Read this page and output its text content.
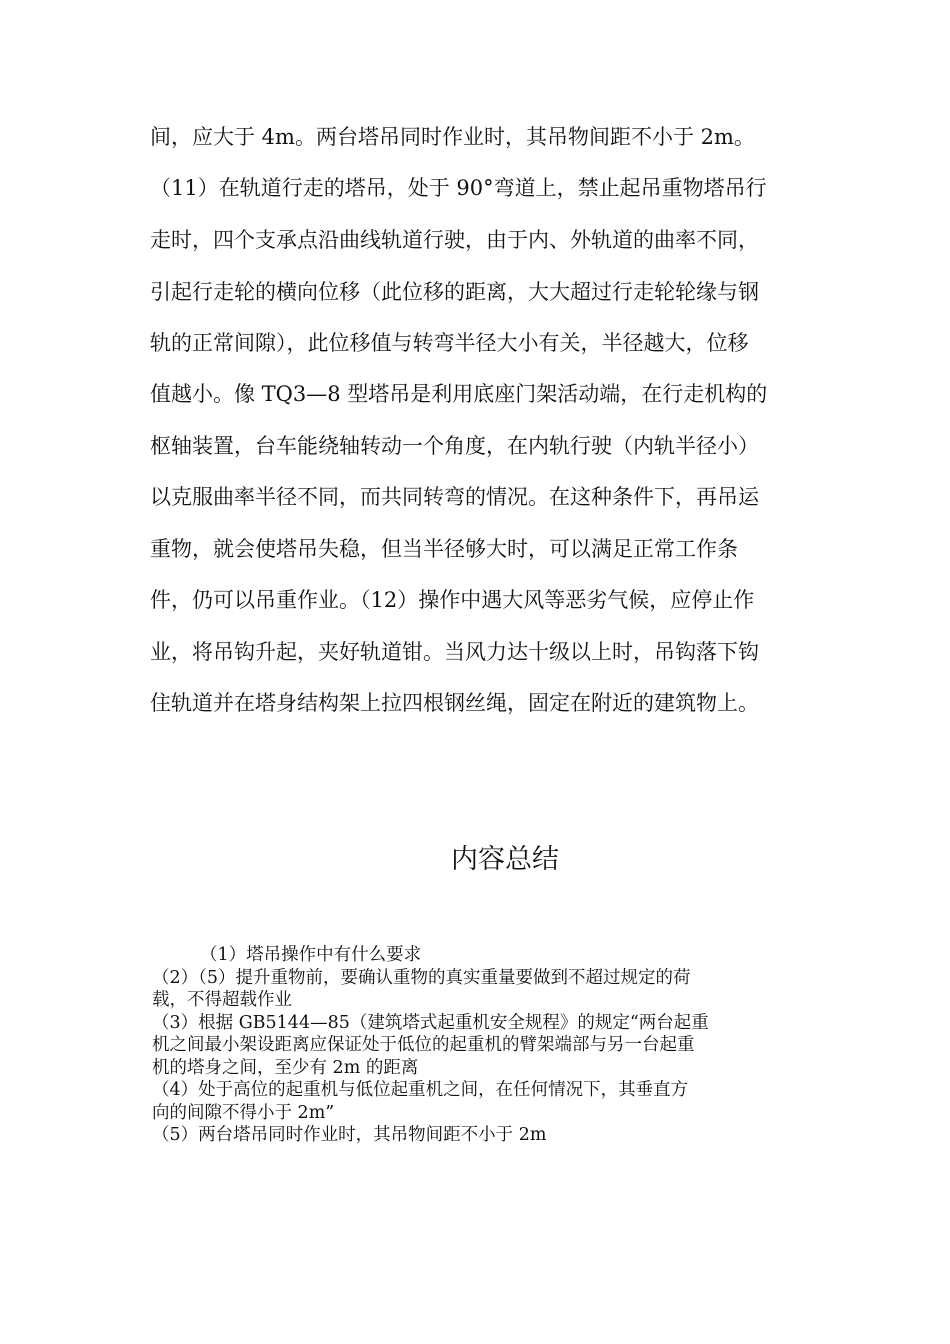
间，应大于 4m。两台塔吊同时作业时，其吊物间距不小于 2m。
（11）在轨道行走的塔吊，处于 90°弯道上，禁止起吊重物塔吊行
走时，四个支承点沿曲线轨道行驶，由于内、外轨道的曲率不同，
引起行走轮的横向位移（此位移的距离，大大超过行走轮轮缘与钢
轨的正常间隙），此位移值与转弯半径大小有关，半径越大，位移
值越小。像 TQ3—8 型塔吊是利用底座门架活动端，在行走机构的
枢轴装置，台车能绕轴转动一个角度，在内轨行驶（内轨半径小）
以克服曲率半径不同，而共同转弯的情况。在这种条件下，再吊运
重物，就会使塔吊失稳，但当半径够大时，可以满足正常工作条
件，仍可以吊重作业。（12）操作中遇大风等恶劣气候，应停止作
业，将吊钩升起，夹好轨道钳。当风力达十级以上时，吊钩落下钩
住轨道并在塔身结构架上拉四根钢丝绳，固定在附近的建筑物上。
内容总结
（1）塔吊操作中有什么要求
（2）（5）提升重物前，要确认重物的真实重量要做到不超过规定的荷
载，不得超载作业
（3）根据 GB5144—85（建筑塔式起重机安全规程》的规定“两台起重
机之间最小架设距离应保证处于低位的起重机的臂架端部与另一台起重
机的塔身之间，至少有 2m 的距离
（4）处于高位的起重机与低位起重机之间，在任何情况下，其垂直方
向的间隙不得小于 2m”
（5）两台塔吊同时作业时，其吊物间距不小于 2m
